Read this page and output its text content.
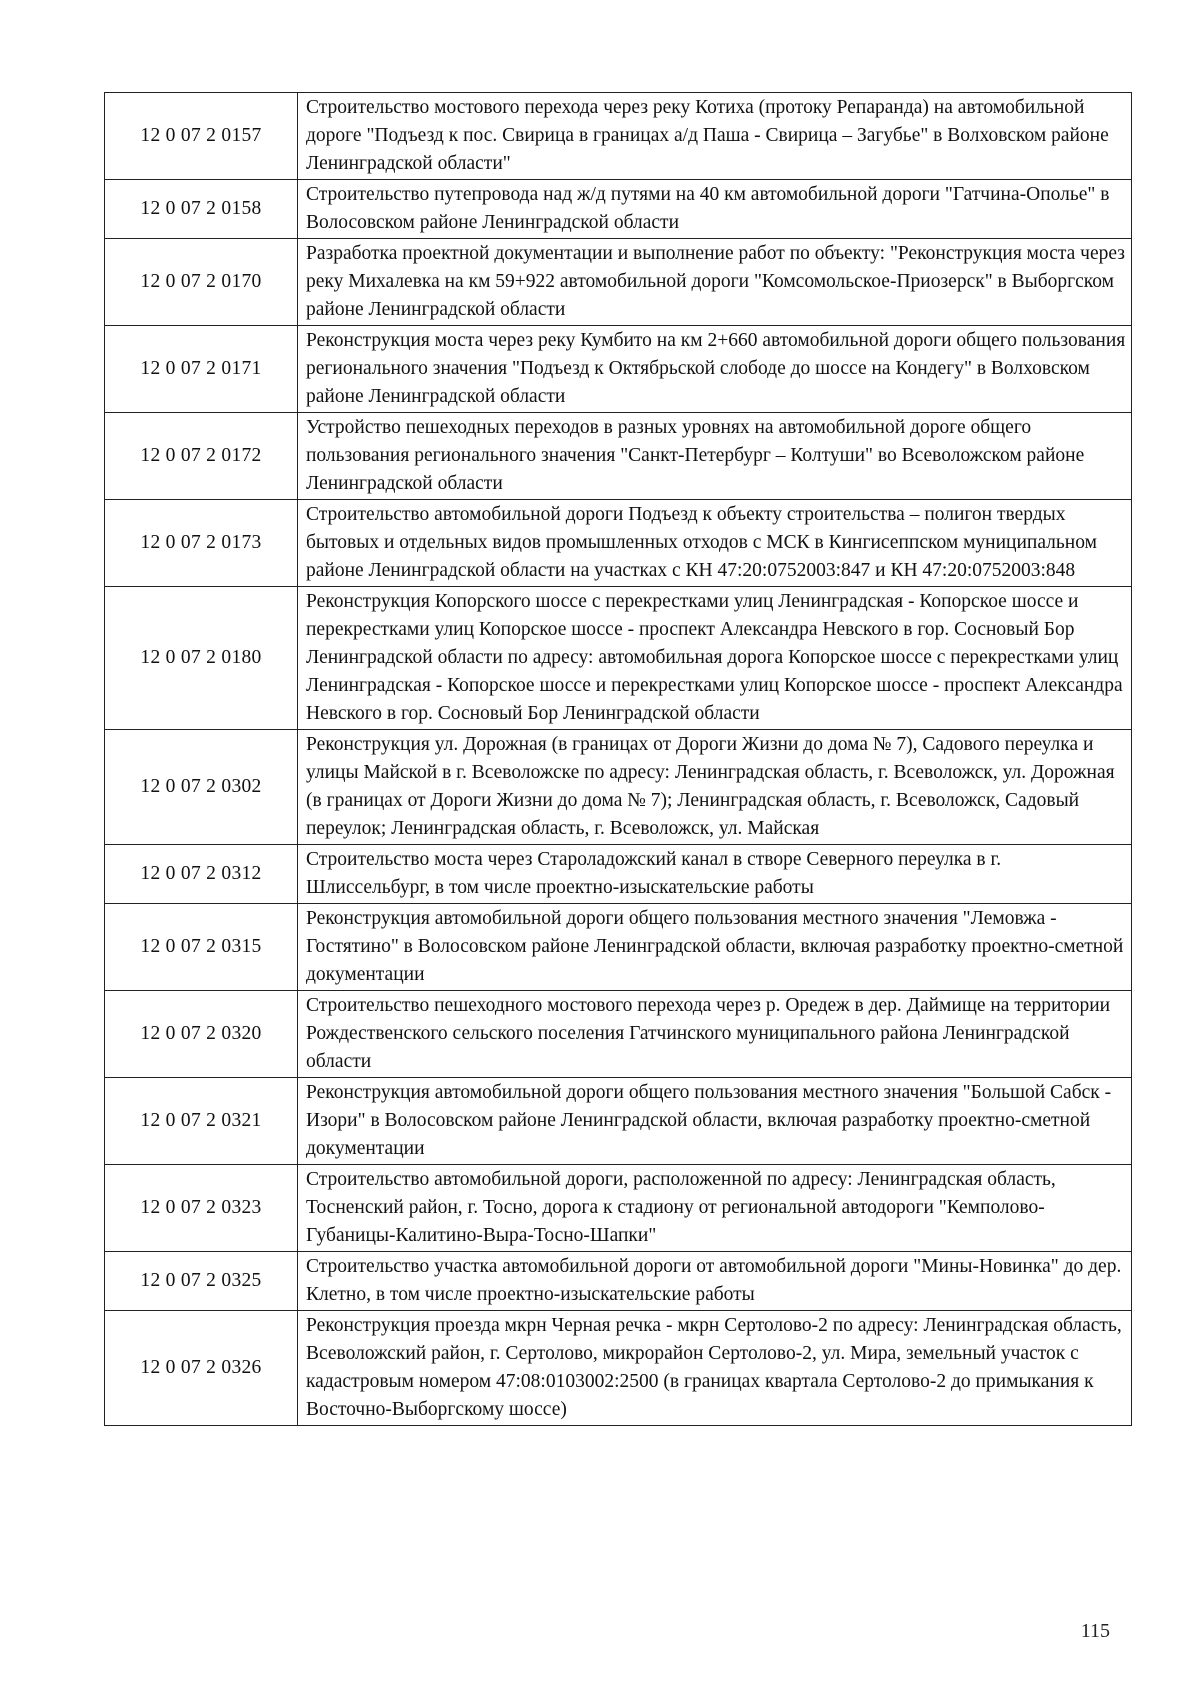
12 0 07 2 0157	Строительство мостового перехода через реку Котиха (протоку Репаранда) на автомобильной дороге "Подъезд к пос. Свирица в границах а/д Паша - Свирица – Загубье" в Волховском районе Ленинградской области"
12 0 07 2 0158	Строительство путепровода над ж/д путями на 40 км автомобильной дороги "Гатчина-Ополье" в Волосовском районе Ленинградской области
12 0 07 2 0170	Разработка проектной документации и выполнение работ по объекту: "Реконструкция моста через реку Михалевка на км 59+922 автомобильной дороги "Комсомольское-Приозерск" в Выборгском районе Ленинградской области
12 0 07 2 0171	Реконструкция моста через реку Кумбито на км 2+660 автомобильной дороги общего пользования регионального значения "Подъезд к Октябрьской слободе до шоссе на Кондегу" в Волховском районе Ленинградской области
12 0 07 2 0172	Устройство пешеходных переходов в разных уровнях на автомобильной дороге общего пользования регионального значения "Санкт-Петербург – Колтуши" во Всеволожском районе Ленинградской области
12 0 07 2 0173	Строительство автомобильной дороги Подъезд к объекту строительства – полигон твердых бытовых и отдельных видов промышленных отходов с МСК в Кингисеппском муниципальном районе Ленинградской области на участках с КН 47:20:0752003:847 и КН 47:20:0752003:848
12 0 07 2 0180	Реконструкция Копорского шоссе с перекрестками улиц Ленинградская - Копорское шоссе и перекрестками улиц Копорское шоссе - проспект Александра Невского в гор. Сосновый Бор Ленинградской области по адресу: автомобильная дорога Копорское шоссе с перекрестками улиц Ленинградская - Копорское шоссе и перекрестками улиц Копорское шоссе - проспект Александра Невского в гор. Сосновый Бор Ленинградской области
12 0 07 2 0302	Реконструкция ул. Дорожная (в границах от Дороги Жизни до дома № 7), Садового переулка и улицы Майской в г. Всеволожске по адресу: Ленинградская область, г. Всеволожск, ул. Дорожная (в границах от Дороги Жизни до дома № 7); Ленинградская область, г. Всеволожск, Садовый переулок; Ленинградская область, г. Всеволожск, ул. Майская
12 0 07 2 0312	Строительство моста через Староладожский канал в створе Северного переулка в г. Шлиссельбург, в том числе проектно-изыскательские работы
12 0 07 2 0315	Реконструкция автомобильной дороги общего пользования местного значения "Лемовжа - Гостятино" в Волосовском районе Ленинградской области, включая разработку проектно-сметной документации
12 0 07 2 0320	Строительство пешеходного мостового перехода через р. Оредеж в дер. Даймище на территории Рождественского сельского поселения Гатчинского муниципального района Ленинградской области
12 0 07 2 0321	Реконструкция автомобильной дороги общего пользования местного значения "Большой Сабск - Изори" в Волосовском районе Ленинградской области, включая разработку проектно-сметной документации
12 0 07 2 0323	Строительство автомобильной дороги, расположенной по адресу: Ленинградская область, Тосненский район, г. Тосно, дорога к стадиону от региональной автодороги "Кемполово-Губаницы-Калитино-Выра-Тосно-Шапки"
12 0 07 2 0325	Строительство участка автомобильной дороги от автомобильной дороги "Мины-Новинка" до дер. Клетно, в том числе проектно-изыскательские работы
12 0 07 2 0326	Реконструкция проезда мкрн Черная речка - мкрн Сертолово-2 по адресу: Ленинградская область, Всеволожский район, г. Сертолово, микрорайон Сертолово-2, ул. Мира, земельный участок с кадастровым номером 47:08:0103002:2500 (в границах квартала Сертолово-2 до примыкания к Восточно-Выборгскому шоссе)
115
